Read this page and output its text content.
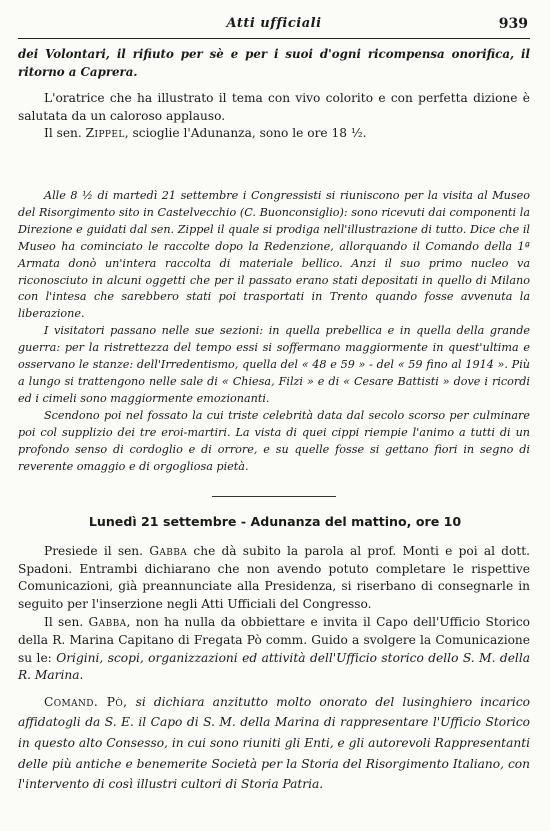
Atti ufficiali	939

dei Volontari, il rifiuto per sè e per i suoi d'ogni ricompensa onorifica, il ritorno a Caprera.

L'oratrice che ha illustrato il tema con vivo colorito e con perfetta dizione è salutata da un caloroso applauso.

Il sen. Zippel, scioglie l'Adunanza, sono le ore 18 ½.

Alle 8 ½ di martedì 21 settembre i Congressisti si riuniscono per la visita al Museo del Risorgimento sito in Castelvecchio (C. Buonconsiglio): sono ricevuti dai componenti la Direzione e guidati dal sen. Zippel il quale si prodiga nell'illustrazione di tutto. Dice che il Museo ha cominciato le raccolte dopo la Redenzione, allorquando il Comando della 1ª Armata donò un'intera raccolta di materiale bellico. Anzi il suo primo nucleo va riconosciuto in alcuni oggetti che per il passato erano stati depositati in quello di Milano con l'intesa che sarebbero stati poi trasportati in Trento quando fosse avvenuta la liberazione.

I visitatori passano nelle sue sezioni: in quella prebellica e in quella della grande guerra: per la ristrettezza del tempo essi si soffermano maggiormente in quest'ultima e osservano le stanze: dell'Irredentismo, quella del « 48 e 59 » - del « 59 fino al 1914 ». Più a lungo si trattengono nelle sale di « Chiesa, Filzi » e di « Cesare Battisti » dove i ricordi ed i cimeli sono maggiormente emozionanti.

Scendono poi nel fossato la cui triste celebrità data dal secolo scorso per culminare poi col supplizio dei tre eroi-martiri. La vista di quei cippi riempie l'animo a tutti di un profondo senso di cordoglio e di orrore, e su quelle fosse si gettano fiori in segno di reverente omaggio e di orgogliosa pietà.

Lunedì 21 settembre - Adunanza del mattino, ore 10

Presiede il sen. Gabba che dà subito la parola al prof. Monti e poi al dott. Spadoni. Entrambi dichiarano che non avendo potuto completare le rispettive Comunicazioni, già preannunciate alla Presidenza, si riserbano di consegnarle in seguito per l'inserzione negli Atti Ufficiali del Congresso.

Il sen. Gabba, non ha nulla da obbiettare e invita il Capo dell'Ufficio Storico della R. Marina Capitano di Fregata Pò comm. Guido a svolgere la Comunicazione su le: Origini, scopi, organizzazioni ed attività dell'Ufficio storico dello S. M. della R. Marina.

Comand. Pò, si dichiara anzitutto molto onorato del lusinghiero incarico affidatogli da S. E. il Capo di S. M. della Marina di rappresentare l'Ufficio Storico in questo alto Consesso, in cui sono riuniti gli Enti, e gli autorevoli Rappresentanti delle più antiche e benemerite Società per la Storia del Risorgimento Italiano, con l'intervento di così illustri cultori di Storia Patria.
